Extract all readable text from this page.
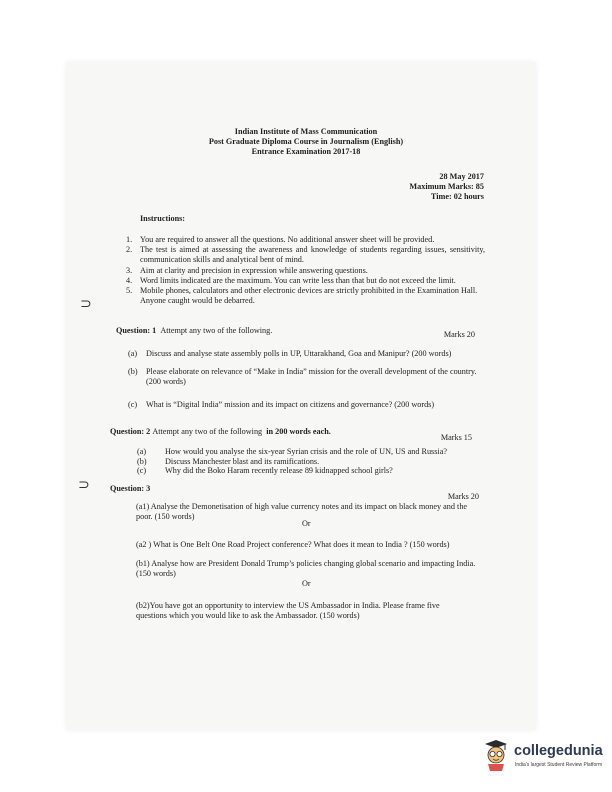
Indian Institute of Mass Communication
Post Graduate Diploma Course in Journalism (English)
Entrance Examination 2017-18
28 May 2017
Maximum Marks: 85
Time: 02 hours
Instructions:
1. You are required to answer all the questions. No additional answer sheet will be provided.
2. The test is aimed at assessing the awareness and knowledge of students regarding issues, sensitivity, communication skills and analytical bent of mind.
3. Aim at clarity and precision in expression while answering questions.
4. Word limits indicated are the maximum. You can write less than that but do not exceed the limit.
5. Mobile phones, calculators and other electronic devices are strictly prohibited in the Examination Hall. Anyone caught would be debarred.
⊃
⊃
Question: 1 Attempt any two of the following.	Marks 20
(a) Discuss and analyse state assembly polls in UP, Uttarakhand, Goa and Manipur? (200 words)
(b) Please elaborate on relevance of “Make in India” mission for the overall development of the country. (200 words)
(c) What is “Digital India” mission and its impact on citizens and governance? (200 words)
Question: 2 Attempt any two of the following in 200 words each.
Marks 15
(a) How would you analyse the six-year Syrian crisis and the role of UN, US and Russia?
(b) Discuss Manchester blast and its ramifications.
(c) Why did the Boko Haram recently release 89 kidnapped school girls?
Question: 3
Marks 20
(a1) Analyse the Demonetisation of high value currency notes and its impact on black money and the poor. (150 words)
Or
(a2 ) What is One Belt One Road Project conference? What does it mean to India ? (150 words)
(b1) Analyse how are President Donald Trump’s policies changing global scenario and impacting India. (150 words)
Or
(b2)You have got an opportunity to interview the US Ambassador in India. Please frame five questions which you would like to ask the Ambassador. (150 words)
collegedunia
India's largest Student Review Platform
